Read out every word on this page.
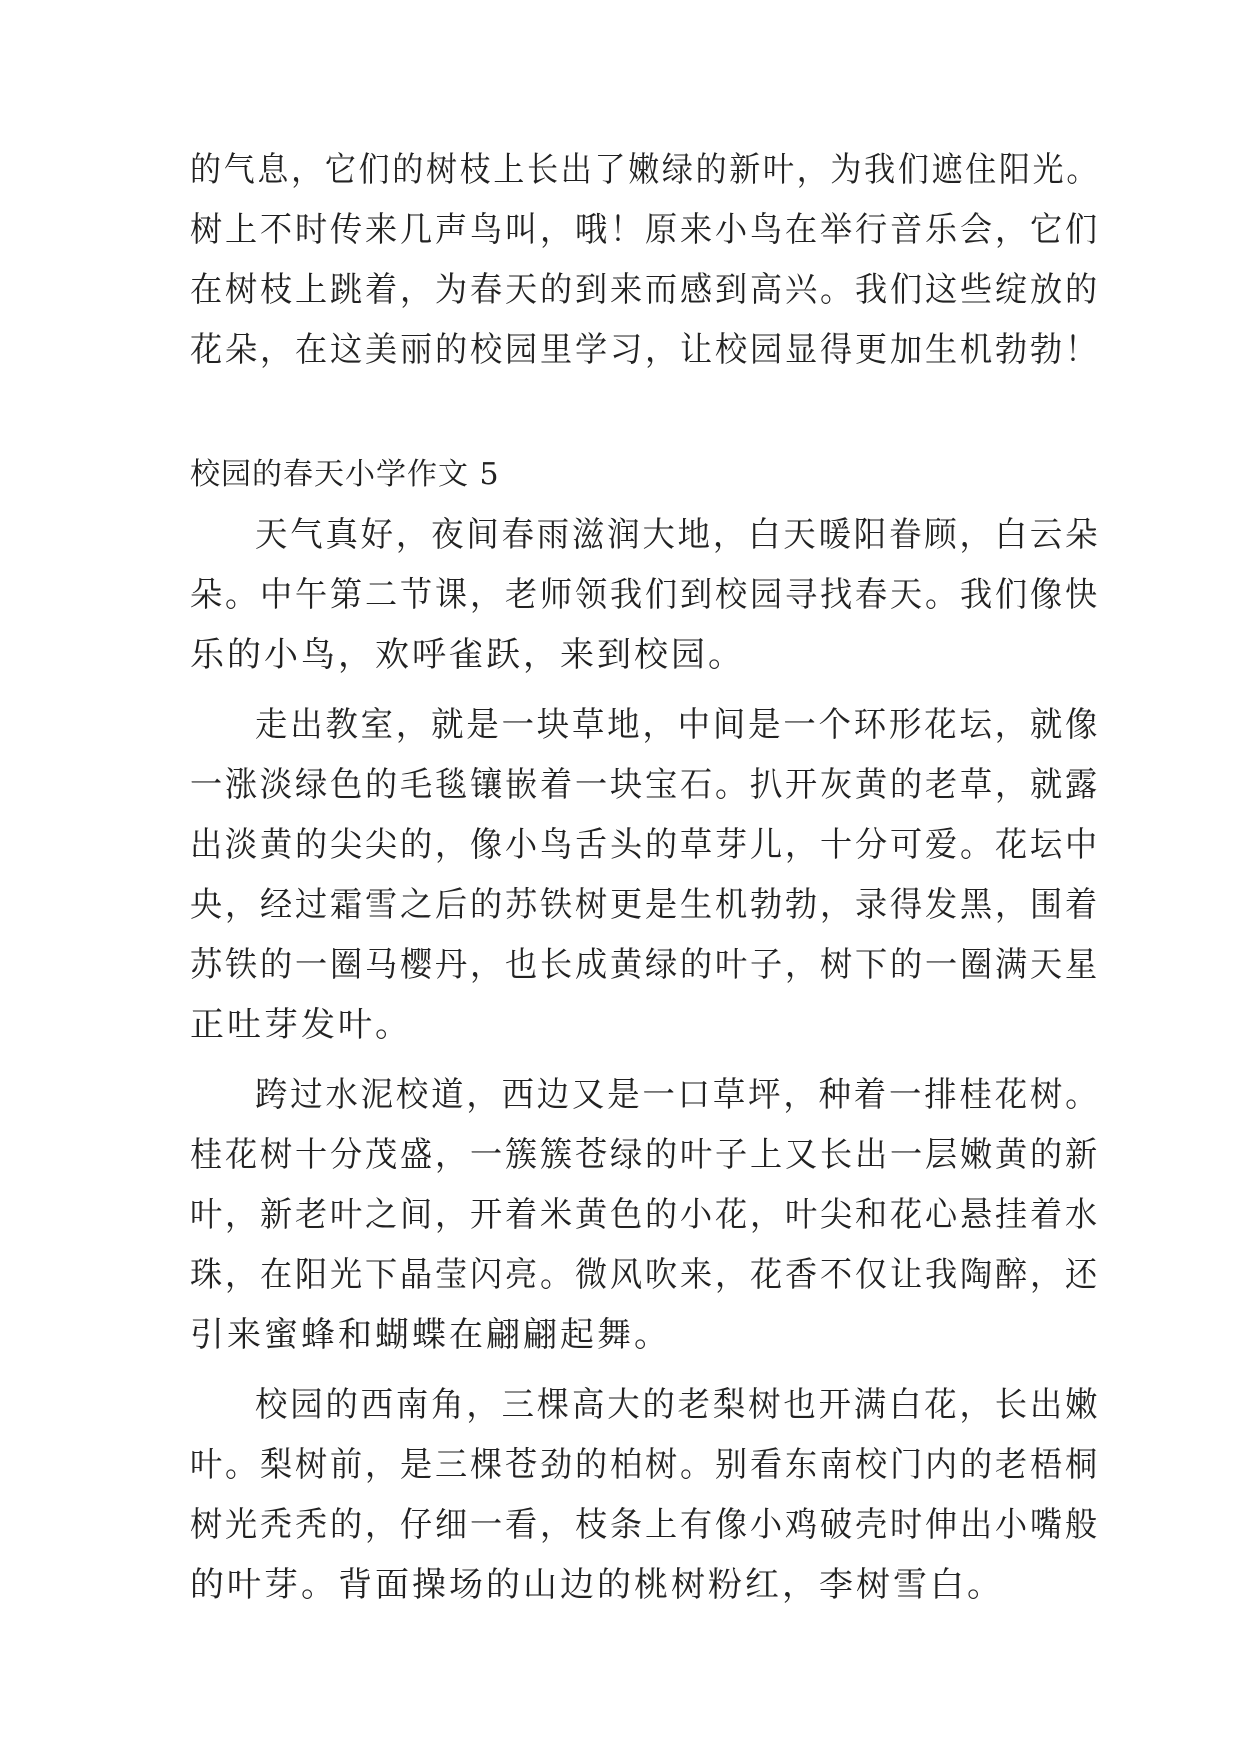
的气息，它们的树枝上长出了嫩绿的新叶，为我们遮住阳光。
树上不时传来几声鸟叫，哦！原来小鸟在举行音乐会，它们
在树枝上跳着，为春天的到来而感到高兴。我们这些绽放的
花朵，在这美丽的校园里学习，让校园显得更加生机勃勃！
校园的春天小学作文 5
天气真好，夜间春雨滋润大地，白天暖阳眷顾，白云朵
朵。中午第二节课，老师领我们到校园寻找春天。我们像快
乐的小鸟，欢呼雀跃，来到校园。
走出教室，就是一块草地，中间是一个环形花坛，就像
一涨淡绿色的毛毯镶嵌着一块宝石。扒开灰黄的老草，就露
出淡黄的尖尖的，像小鸟舌头的草芽儿，十分可爱。花坛中
央，经过霜雪之后的苏铁树更是生机勃勃，录得发黑，围着
苏铁的一圈马樱丹，也长成黄绿的叶子，树下的一圈满天星
正吐芽发叶。
跨过水泥校道，西边又是一口草坪，种着一排桂花树。
桂花树十分茂盛，一簇簇苍绿的叶子上又长出一层嫩黄的新
叶，新老叶之间，开着米黄色的小花，叶尖和花心悬挂着水
珠，在阳光下晶莹闪亮。微风吹来，花香不仅让我陶醉，还
引来蜜蜂和蝴蝶在翩翩起舞。
校园的西南角，三棵高大的老梨树也开满白花，长出嫩
叶。梨树前，是三棵苍劲的柏树。别看东南校门内的老梧桐
树光秃秃的，仔细一看，枝条上有像小鸡破壳时伸出小嘴般
的叶芽。背面操场的山边的桃树粉红，李树雪白。
